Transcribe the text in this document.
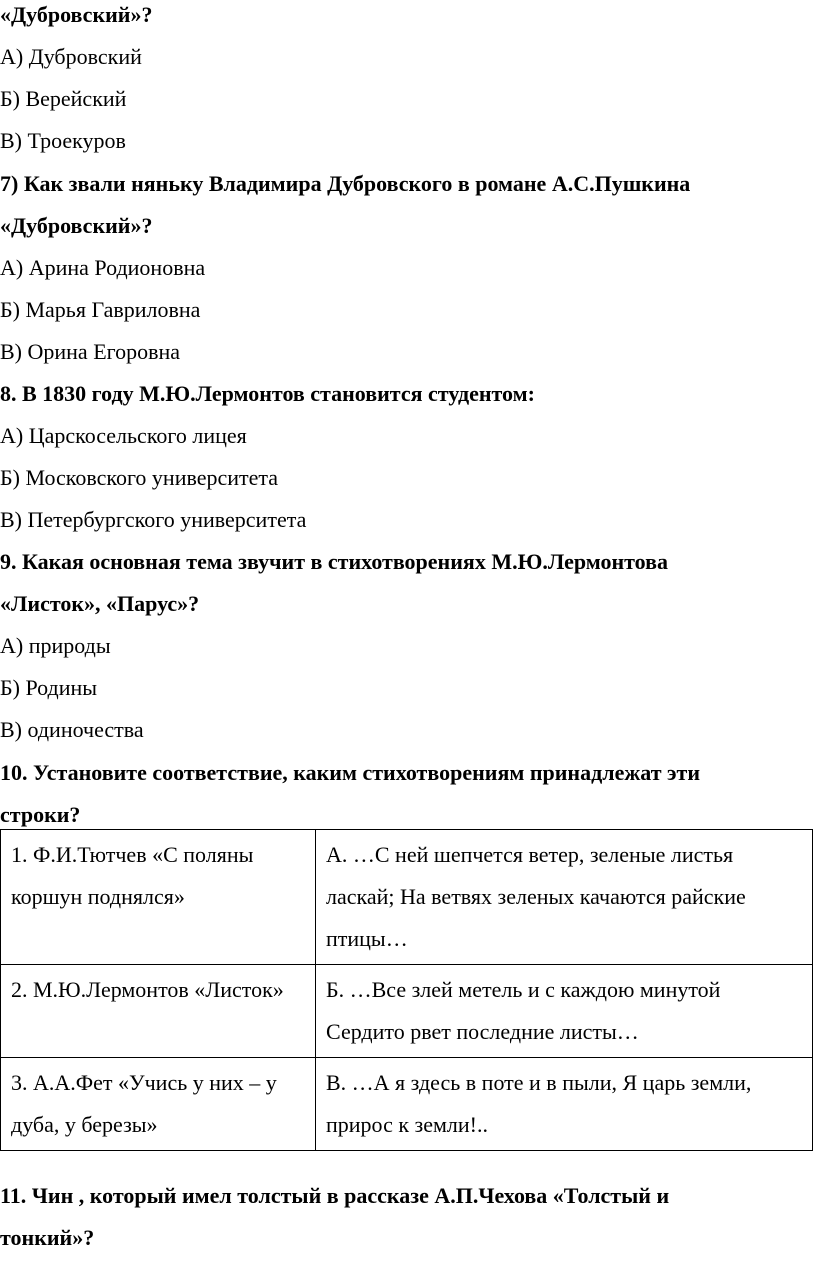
«Дубровский»?
А) Дубровский
Б) Верейский
В) Троекуров
7) Как звали няньку Владимира Дубровского в романе А.С.Пушкина
«Дубровский»?
А) Арина Родионовна
Б) Марья Гавриловна
В) Орина Егоровна
8. В 1830 году М.Ю.Лермонтов становится студентом:
А) Царскосельского лицея
Б) Московского университета
В) Петербургского университета
9. Какая основная тема звучит в стихотворениях М.Ю.Лермонтова
«Листок», «Парус»?
А) природы
Б) Родины
В) одиночества
10. Установите соответствие, каким стихотворениям принадлежат эти
строки?
1. Ф.И.Тютчев «С поляны коршун поднялся»	А. …С ней шепчется ветер, зеленые листья ласкай; На ветвях зеленых качаются райские птицы…
2. М.Ю.Лермонтов «Листок»	Б. …Все злей метель и с каждою минутой Сердито рвет последние листы…
3. А.А.Фет «Учись у них – у дуба, у березы»	В. …А я здесь в поте и в пыли, Я царь земли, прирос к земли!..
11. Чин , который имел толстый в рассказе А.П.Чехова «Толстый и
тонкий»?
